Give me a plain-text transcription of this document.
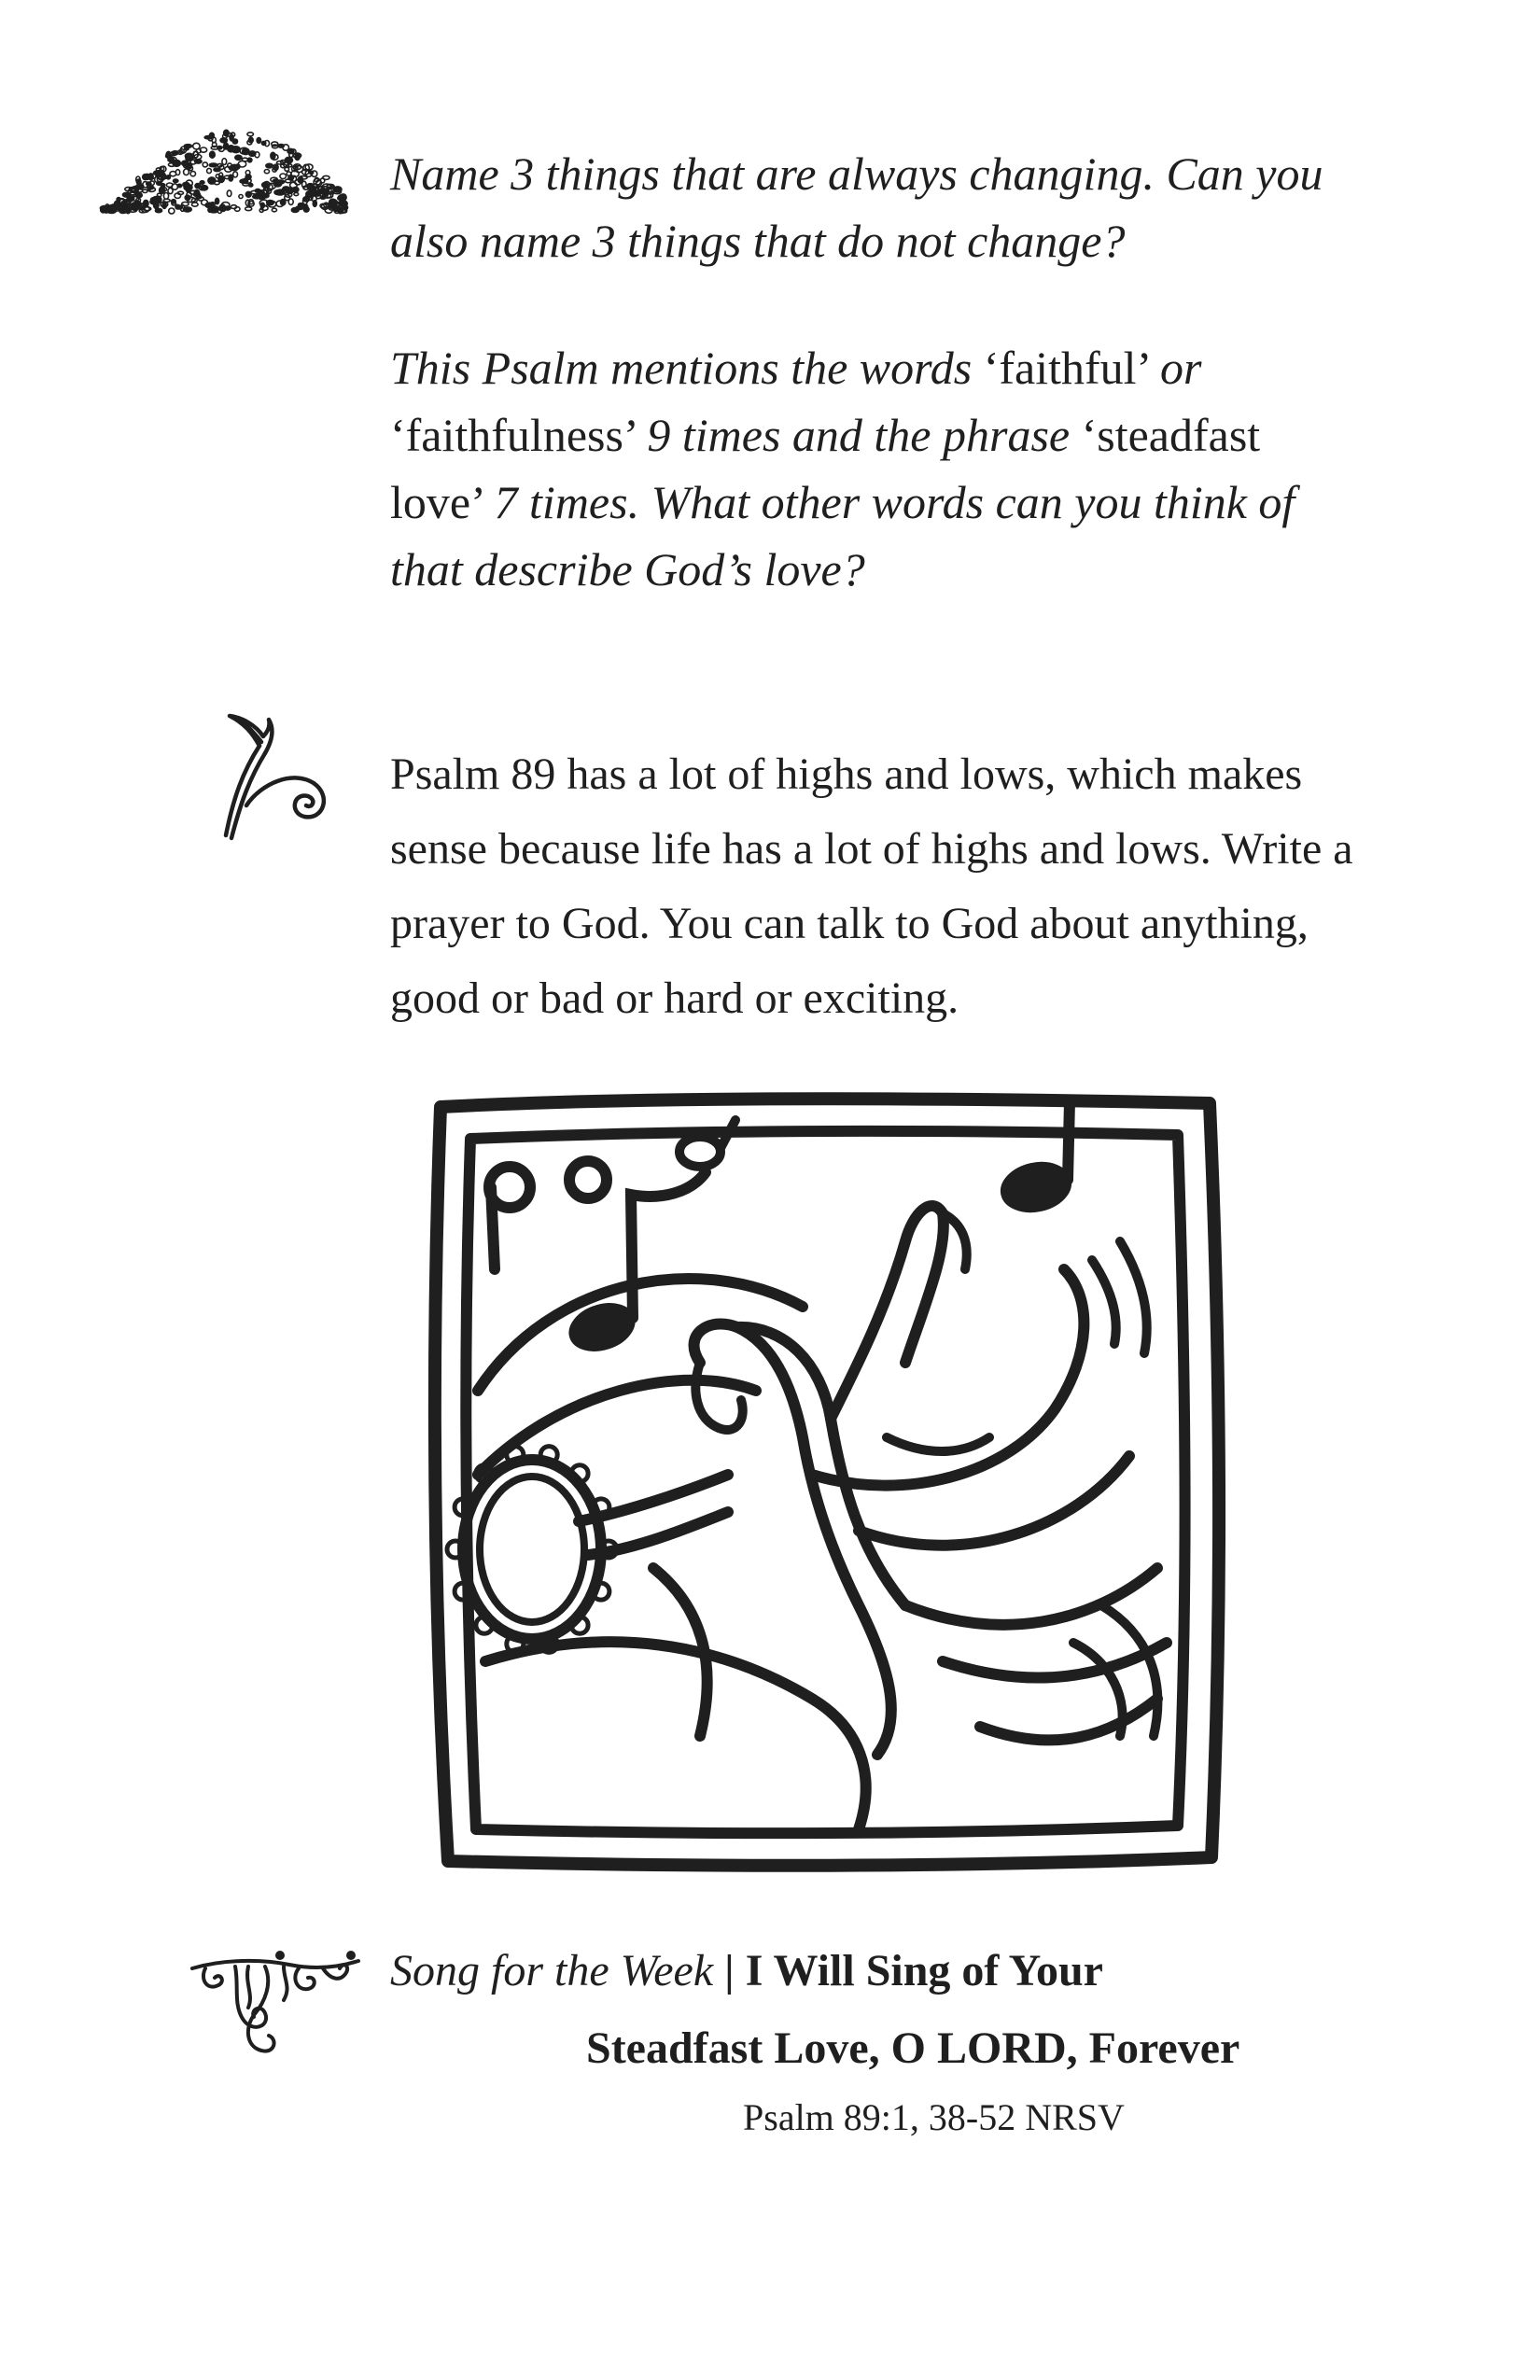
Name 3 things that are always changing. Can you also name 3 things that do not change?

This Psalm mentions the words ‘faithful’ or ‘faithfulness’ 9 times and the phrase ‘steadfast love’ 7 times. What other words can you think of that describe God’s love?

Psalm 89 has a lot of highs and lows, which makes sense because life has a lot of highs and lows. Write a prayer to God. You can talk to God about anything, good or bad or hard or exciting.

Song for the Week | I Will Sing of Your
Steadfast Love, O LORD, Forever
Psalm 89:1, 38-52 NRSV
